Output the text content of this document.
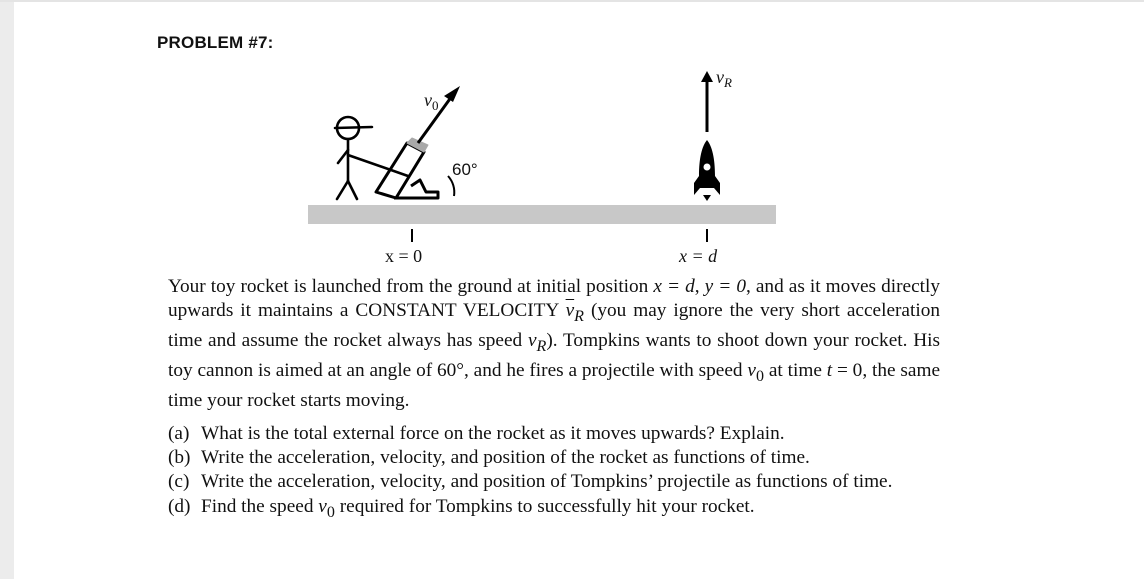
PROBLEM #7:
$v_0$
60°
$v_R$
x = 0	x = d

Your toy rocket is launched from the ground at initial position x = d, y = 0, and as it moves directly upwards it maintains a CONSTANT VELOCITY $\overline{v}_R$ (you may ignore the very short acceleration time and assume the rocket always has speed $v_R$). Tompkins wants to shoot down your rocket. His toy cannon is aimed at an angle of 60°, and he fires a projectile with speed $v_0$ at time t = 0, the same time your rocket starts moving.

(a) What is the total external force on the rocket as it moves upwards? Explain.
(b) Write the acceleration, velocity, and position of the rocket as functions of time.
(c) Write the acceleration, velocity, and position of Tompkins’ projectile as functions of time.
(d) Find the speed $v_0$ required for Tompkins to successfully hit your rocket.
